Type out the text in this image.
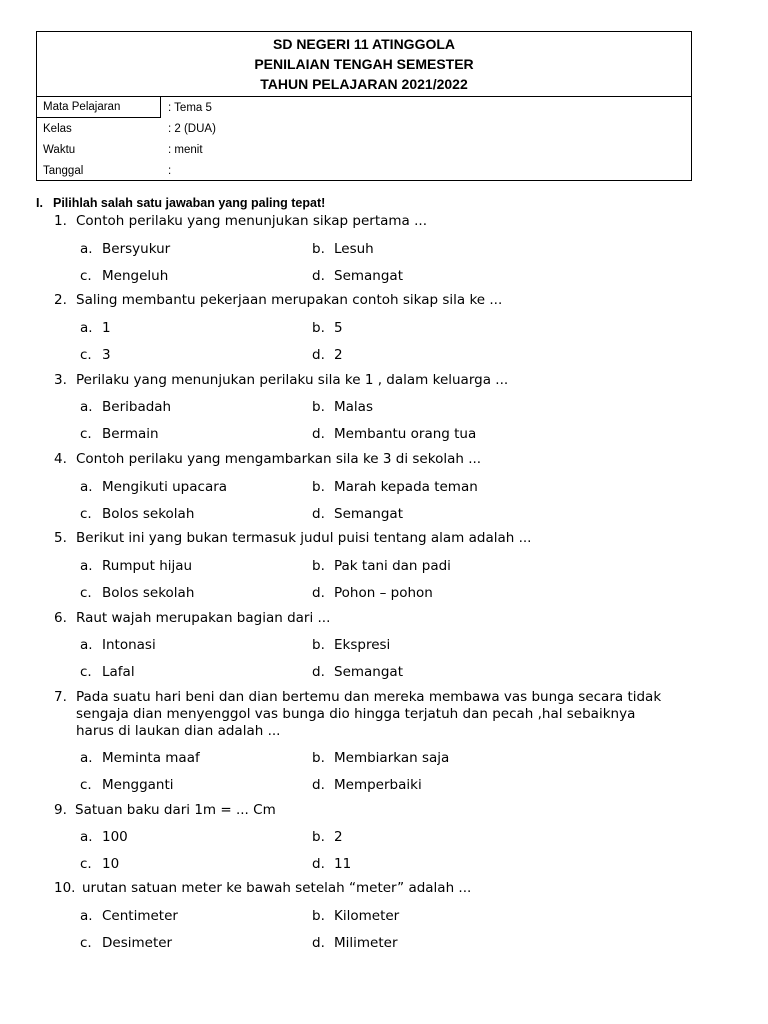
SD NEGERI 11 ATINGGOLA
PENILAIAN TENGAH SEMESTER
TAHUN PELAJARAN 2021/2022
Mata Pelajaran	: Tema 5
Kelas	: 2 (DUA)
Waktu	: menit
Tanggal	:
I. Pilihlah salah satu jawaban yang paling tepat!
1. Contoh perilaku yang menunjukan sikap pertama ...
a. Bersyukur	b. Lesuh
c. Mengeluh	d. Semangat
2. Saling membantu pekerjaan merupakan contoh sikap sila ke ...
a. 1	b. 5
c. 3	d. 2
3. Perilaku yang menunjukan perilaku sila ke 1 , dalam keluarga ...
a. Beribadah	b. Malas
c. Bermain	d. Membantu orang tua
4. Contoh perilaku yang mengambarkan sila ke 3 di sekolah ...
a. Mengikuti upacara	b. Marah kepada teman
c. Bolos sekolah	d. Semangat
5. Berikut ini yang bukan termasuk judul puisi tentang alam adalah ...
a. Rumput hijau	b. Pak tani dan padi
c. Bolos sekolah	d. Pohon – pohon
6. Raut wajah merupakan bagian dari ...
a. Intonasi	b. Ekspresi
c. Lafal	d. Semangat
7. Pada suatu hari beni dan dian bertemu dan mereka membawa vas bunga secara tidak
sengaja dian menyenggol vas bunga dio hingga terjatuh dan pecah ,hal sebaiknya
harus di laukan dian adalah ...
a. Meminta maaf	b. Membiarkan saja
c. Mengganti	d. Memperbaiki
9. Satuan baku dari 1m = ... Cm
a. 100	b. 2
c. 10	d. 11
10. urutan satuan meter ke bawah setelah “meter” adalah ...
a. Centimeter	b. Kilometer
c. Desimeter	d. Milimeter
